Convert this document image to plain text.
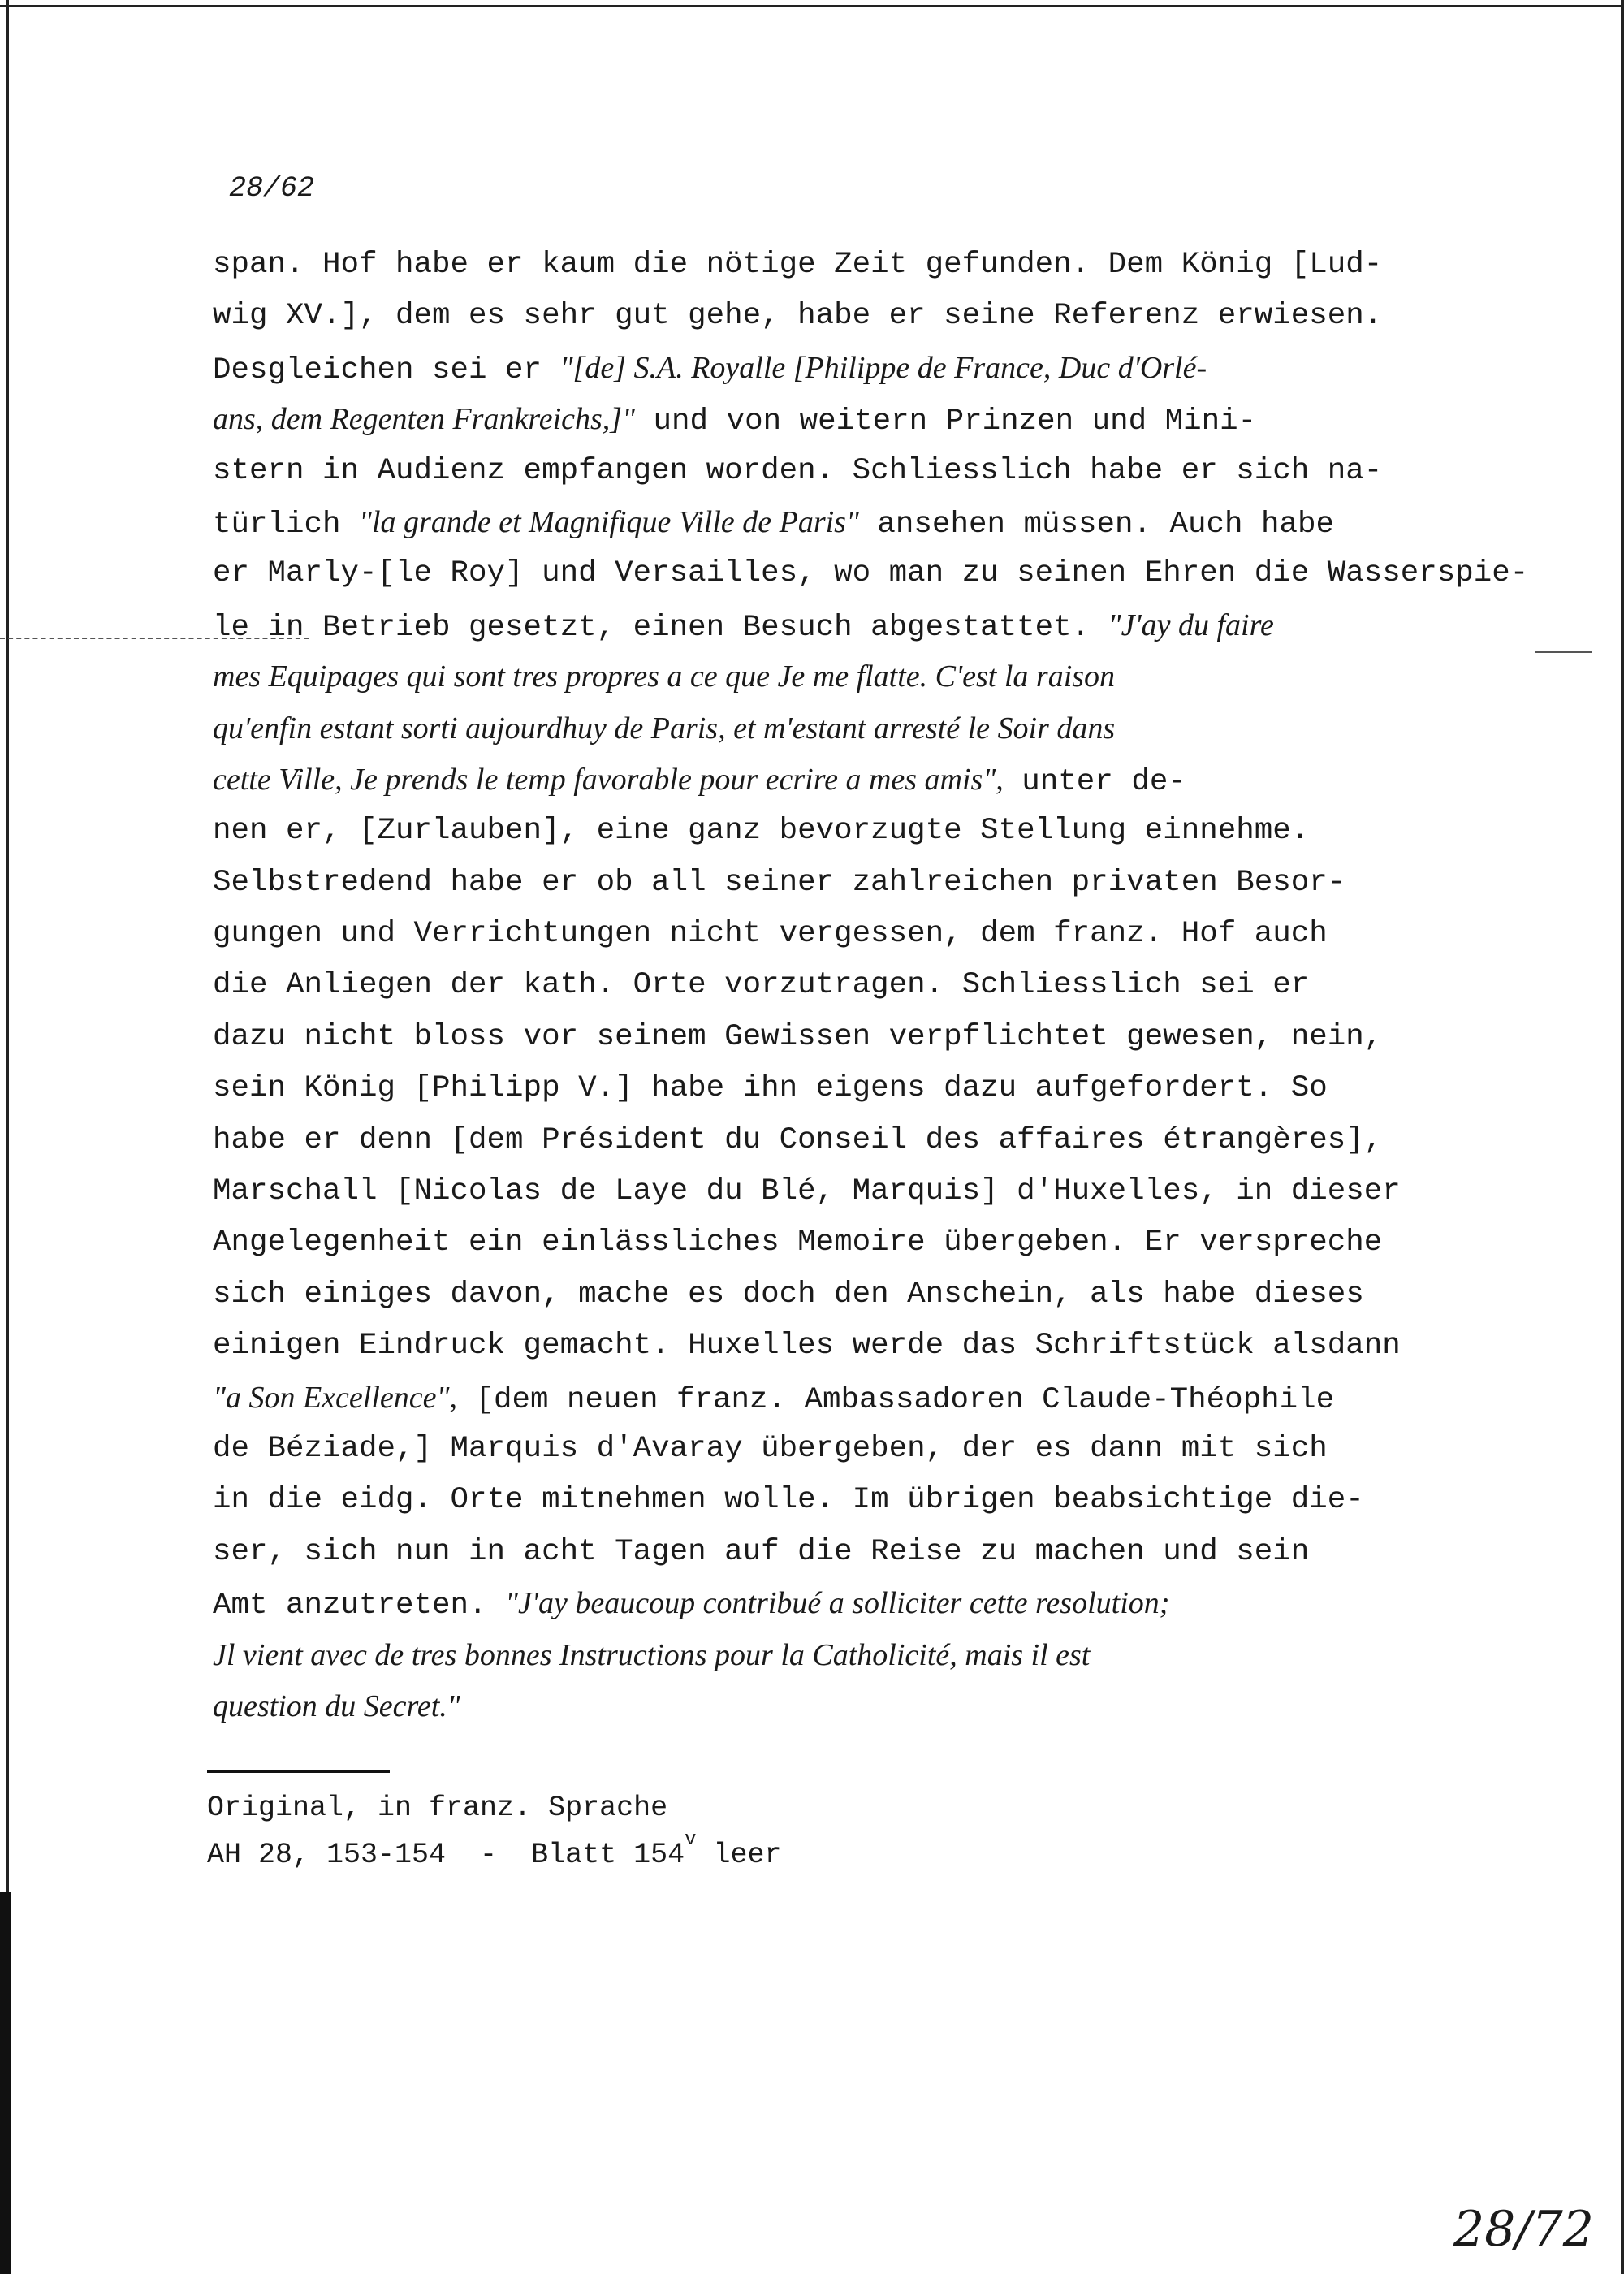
28/62
span. Hof habe er kaum die nötige Zeit gefunden. Dem König [Lud-
wig XV.], dem es sehr gut gehe, habe er seine Referenz erwiesen.
Desgleichen sei er "[de] S.A. Royalle [Philippe de France, Duc d'Orlé-
ans, dem Regenten Frankreichs,]" und von weitern Prinzen und Mini-
stern in Audienz empfangen worden. Schliesslich habe er sich na-
türlich "la grande et Magnifique Ville de Paris" ansehen müssen. Auch habe
er Marly-[le Roy] und Versailles, wo man zu seinen Ehren die Wasserspie-
le in Betrieb gesetzt, einen Besuch abgestattet. "J'ay du faire
mes Equipages qui sont tres propres a ce que Je me flatte. C'est la raison
qu'enfin estant sorti aujourdhuy de Paris, et m'estant arresté le Soir dans
cette Ville, Je prends le temp favorable pour ecrire a mes amis", unter de-
nen er, [Zurlauben], eine ganz bevorzugte Stellung einnehme.
Selbstredend habe er ob all seiner zahlreichen privaten Besor-
gungen und Verrichtungen nicht vergessen, dem franz. Hof auch
die Anliegen der kath. Orte vorzutragen. Schliesslich sei er
dazu nicht bloss vor seinem Gewissen verpflichtet gewesen, nein,
sein König [Philipp V.] habe ihn eigens dazu aufgefordert. So
habe er denn [dem Président du Conseil des affaires étrangères],
Marschall [Nicolas de Laye du Blé, Marquis] d'Huxelles, in dieser
Angelegenheit ein einlässliches Memoire übergeben. Er verspreche
sich einiges davon, mache es doch den Anschein, als habe dieses
einigen Eindruck gemacht. Huxelles werde das Schriftstück alsdann
"a Son Excellence", [dem neuen franz. Ambassadoren Claude-Théophile
de Béziade,] Marquis d'Avaray übergeben, der es dann mit sich
in die eidg. Orte mitnehmen wolle. Im übrigen beabsichtige die-
ser, sich nun in acht Tagen auf die Reise zu machen und sein
Amt anzutreten. "J'ay beaucoup contribué a solliciter cette resolution;
Jl vient avec de tres bonnes Instructions pour la Catholicité, mais il est
question du Secret."
Original, in franz. Sprache
AH 28, 153-154  -  Blatt 154$^v$ leer
28/72
